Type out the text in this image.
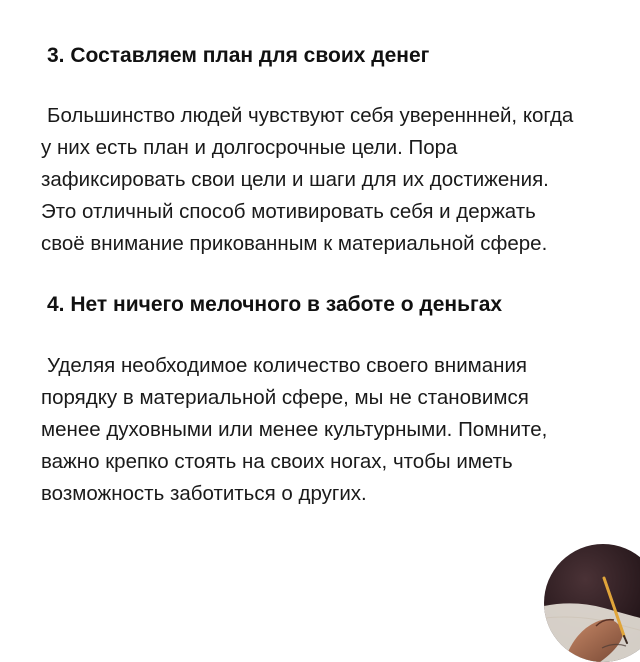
3. Составляем план для своих денег

Большинство людей чувствуют себя увереннней, когда
у них есть план и долгосрочные цели. Пора
зафиксировать свои цели и шаги для их достижения.
Это отличный способ мотивировать себя и держать
своё внимание прикованным к материальной сфере.

4. Нет ничего мелочного в заботе о деньгах

Уделяя необходимое количество своего внимания
порядку в материальной сфере, мы не становимся
менее духовными или менее культурными. Помните,
важно крепко стоять на своих ногах, чтобы иметь
возможность заботиться о других.
